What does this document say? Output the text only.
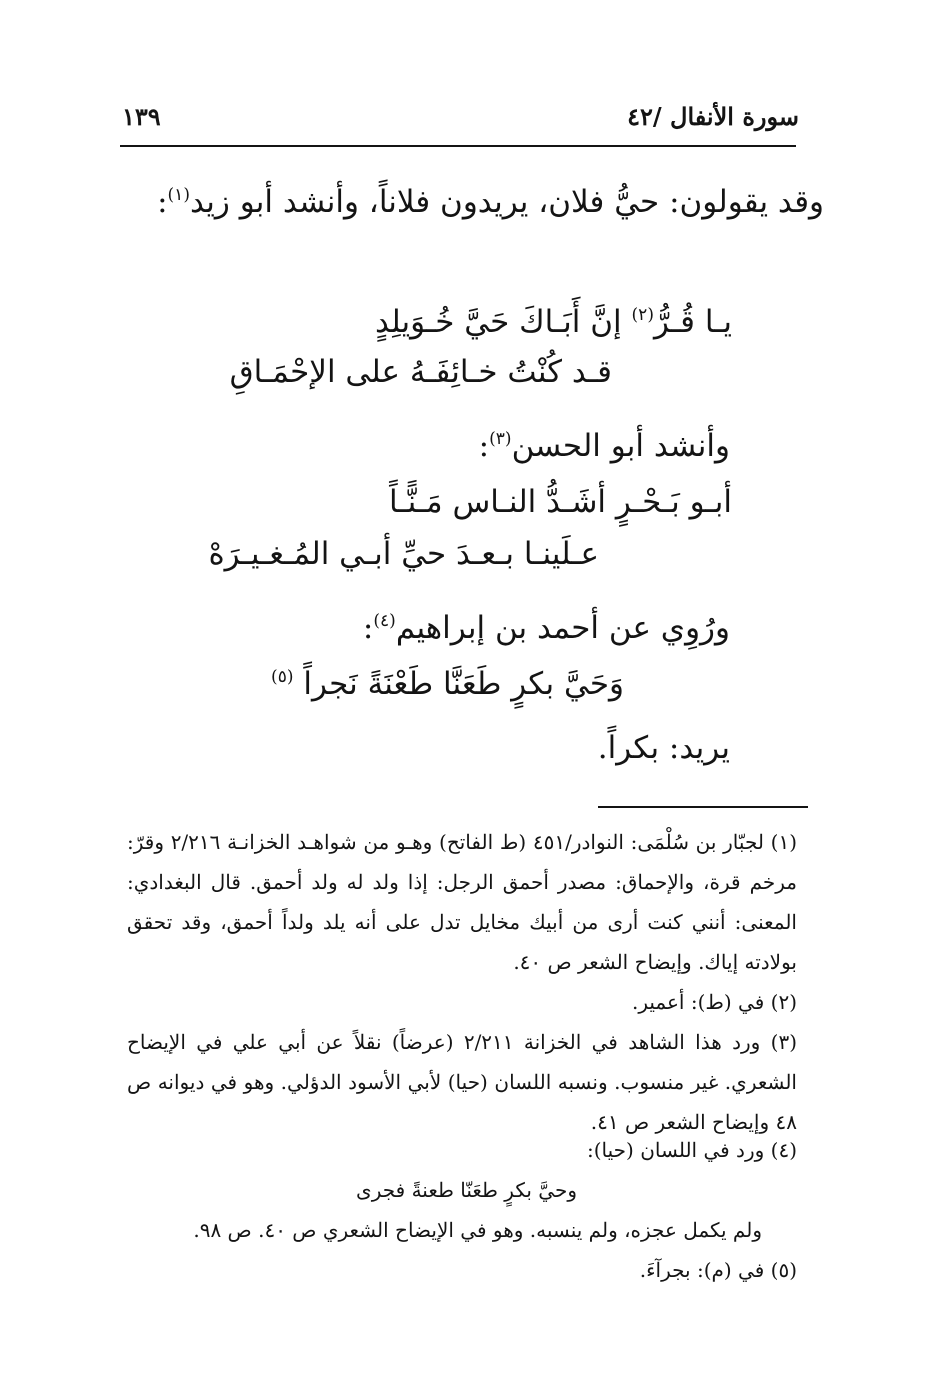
سورة الأنفال /٤٢
١٣٩
وقد يقولون: حيُّ فلان، يريدون فلاناً، وأنشد أبو زيد$^{(١)}$:
يـا قُـرُّ$^{(٢)}$ إنَّ أَبَـاكَ حَيَّ خُـوَيلِدٍ
قـد كُنْتُ خـائِفَـهُ على الإحْمَـاقِ
وأنشد أبو الحسن$^{(٣)}$:
أبـو بَـحْـرٍ أشَـدُّ النـاس مَـنًّـاً
عـلَينـا بـعـدَ حيِّ أبـي المُـغـيـرَهْ
ورُوِي عن أحمد بن إبراهيم$^{(٤)}$:
وَحَيَّ بكرٍ طَعَنَّا طَعْنَةً نَجراً $^{(٥)}$
يريد: بكراً.
(١) لجبّار بن سُلْمَى: النوادر/٤٥١ (ط الفاتح) وهـو من شواهـد الخزانـة ٢/٢١٦ وقرّ: مرخم قرة، والإحماق: مصدر أحمق الرجل: إذا ولد له ولد أحمق. قال البغدادي: المعنى: أنني كنت أرى من أبيك مخايل تدل على أنه يلد ولداً أحمق، وقد تحقق بولادته إياك. وإيضاح الشعر ص ٤٠.
(٢) في (ط): أعمير.
(٣) ورد هذا الشاهد في الخزانة ٢/٢١١ (عرضاً) نقلاً عن أبي علي في الإيضاح الشعري. غير منسوب. ونسبه اللسان (حيا) لأبي الأسود الدؤلي. وهو في ديوانه ص ٤٨ وإيضاح الشعر ص ٤١.
(٤) ورد في اللسان (حيا):
وحيَّ بكرٍ طعَنّا طعنةً فجرى
ولم يكمل عجزه، ولم ينسبه. وهو في الإيضاح الشعري ص ٤٠. ص ٩٨.
(٥) في (م): بجرآءَ.
